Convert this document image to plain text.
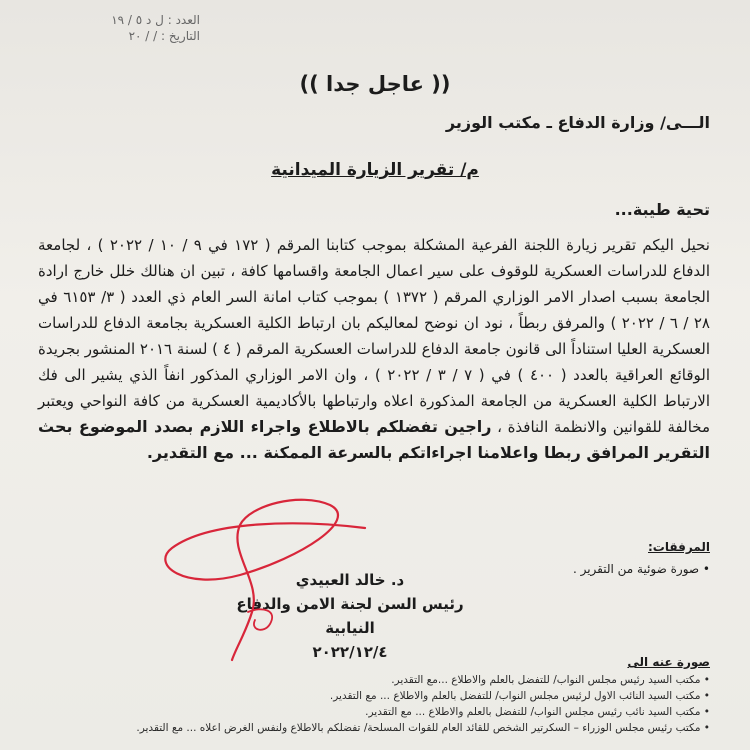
العدد : ل د ٥ / ١٩
التاريخ : / / ٢٠
(( عاجل جدا ))
الـــى/ وزارة الدفاع ـ مكتب الوزير
م/ تقرير الزيارة الميدانية
تحية طيبة...
نحيل اليكم تقرير زيارة اللجنة الفرعية المشكلة بموجب كتابنا المرقم ( ١٧٢ في ٩ / ١٠ / ٢٠٢٢ ) ، لجامعة الدفاع للدراسات العسكرية للوقوف على سير اعمال الجامعة واقسامها كافة ، تبين ان هنالك خلل خارج ارادة الجامعة بسبب اصدار الامر الوزاري المرقم ( ١٣٧٢ ) بموجب كتاب امانة السر العام ذي العدد ( ٣/ ٦١٥٣ في ٢٨ / ٦ / ٢٠٢٢ ) والمرفق ربطاً ، نود ان نوضح لمعاليكم بان ارتباط الكلية العسكرية بجامعة الدفاع للدراسات العسكرية العليا استناداً الى قانون جامعة الدفاع للدراسات العسكرية المرقم ( ٤ ) لسنة ٢٠١٦ المنشور بجريدة الوقائع العراقية بالعدد ( ٤٠٠ ) في ( ٧ / ٣ / ٢٠٢٢ ) ، وان الامر الوزاري المذكور انفاً الذي يشير الى فك الارتباط الكلية العسكرية من الجامعة المذكورة اعلاه وارتباطها بالأكاديمية العسكرية من كافة النواحي ويعتبر مخالفة للقوانين والانظمة النافذة ، راجين تفضلكم بالاطلاع واجراء اللازم بصدد الموضوع بحث التقرير المرافق ربطا واعلامنا اجراءاتكم بالسرعة الممكنة ... مع التقدير.
المرفقات:
• صورة ضوئية من التقرير .
د. خالد العبيدي
رئيس السن لجنة الامن والدفاع النيابية
٢٠٢٢/١٢/٤
صورة عنه الى
• مكتب السيد رئيس مجلس النواب/ للتفضل بالعلم والاطلاع ...مع التقدير.
• مكتب السيد النائب الاول لرئيس مجلس النواب/ للتفضل بالعلم والاطلاع ... مع التقدير.
• مكتب السيد نائب رئيس مجلس النواب/ للتفضل بالعلم والاطلاع ... مع التقدير.
• مكتب رئيس مجلس الوزراء – السكرتير الشخص للقائد العام للقوات المسلحة/ تفضلكم بالاطلاع ولنفس الغرض اعلاه ... مع التقدير.
